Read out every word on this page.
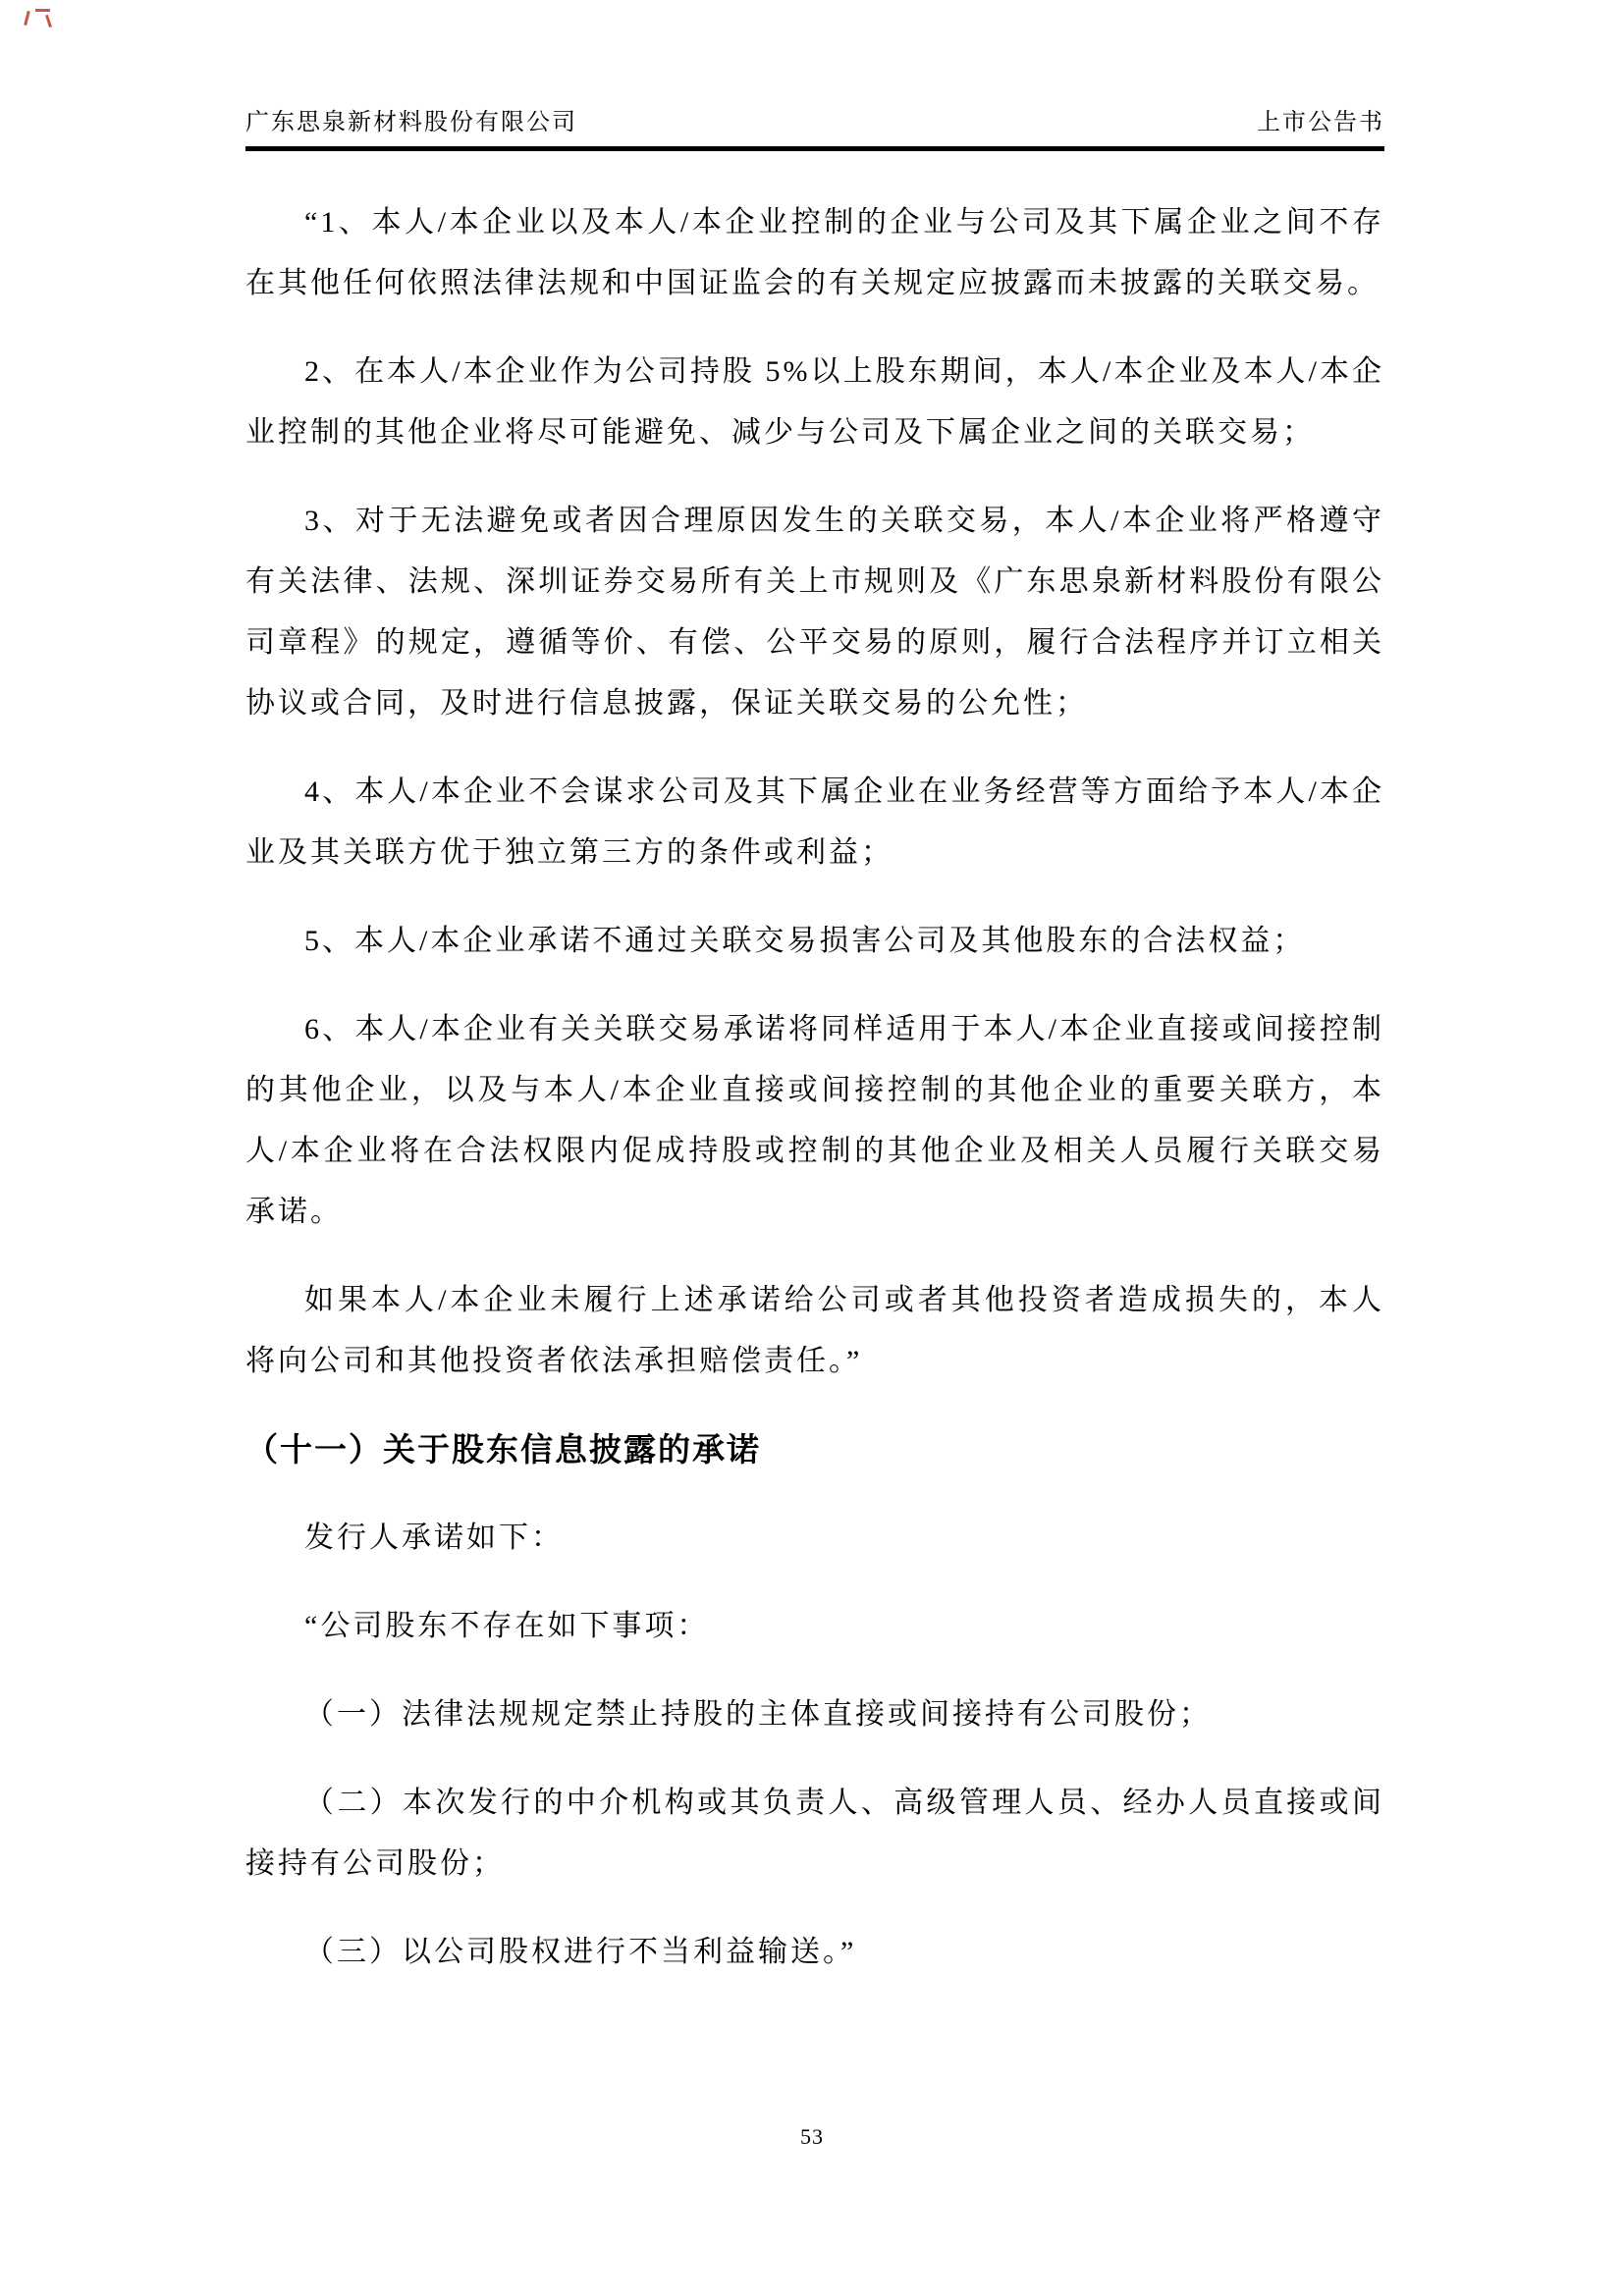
广东思泉新材料股份有限公司	上市公告书

“1、本人/本企业以及本人/本企业控制的企业与公司及其下属企业之间不存在其他任何依照法律法规和中国证监会的有关规定应披露而未披露的关联交易。

2、在本人/本企业作为公司持股 5%以上股东期间，本人/本企业及本人/本企业控制的其他企业将尽可能避免、减少与公司及下属企业之间的关联交易；

3、对于无法避免或者因合理原因发生的关联交易，本人/本企业将严格遵守有关法律、法规、深圳证券交易所有关上市规则及《广东思泉新材料股份有限公司章程》的规定，遵循等价、有偿、公平交易的原则，履行合法程序并订立相关协议或合同，及时进行信息披露，保证关联交易的公允性；

4、本人/本企业不会谋求公司及其下属企业在业务经营等方面给予本人/本企业及其关联方优于独立第三方的条件或利益；

5、本人/本企业承诺不通过关联交易损害公司及其他股东的合法权益；

6、本人/本企业有关关联交易承诺将同样适用于本人/本企业直接或间接控制的其他企业，以及与本人/本企业直接或间接控制的其他企业的重要关联方，本人/本企业将在合法权限内促成持股或控制的其他企业及相关人员履行关联交易承诺。

如果本人/本企业未履行上述承诺给公司或者其他投资者造成损失的，本人将向公司和其他投资者依法承担赔偿责任。”

（十一）关于股东信息披露的承诺

发行人承诺如下：

“公司股东不存在如下事项：

（一）法律法规规定禁止持股的主体直接或间接持有公司股份；

（二）本次发行的中介机构或其负责人、高级管理人员、经办人员直接或间接持有公司股份；

（三）以公司股权进行不当利益输送。”

53
